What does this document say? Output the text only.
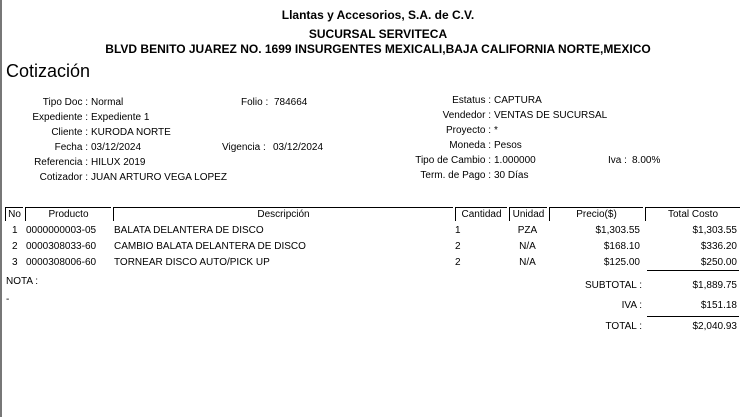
Llantas y Accesorios, S.A. de C.V.
SUCURSAL SERVITECA
BLVD BENITO JUAREZ NO. 1699 INSURGENTES MEXICALI,BAJA CALIFORNIA NORTE,MEXICO
Cotización
Tipo Doc : Normal
Expediente : Expediente 1
Cliente : KURODA NORTE
Fecha : 03/12/2024
Referencia : HILUX 2019
Cotizador : JUAN ARTURO VEGA LOPEZ
Folio : 784664
Vigencia : 03/12/2024
Estatus : CAPTURA
Vendedor : VENTAS DE SUCURSAL
Proyecto : *
Moneda : Pesos
Tipo de Cambio : 1.000000
Term. de Pago : 30 Días
Iva : 8.00%
No	Producto	Descripción	Cantidad	Unidad	Precio($)	Total Costo
1 0000000003-05 BALATA DELANTERA DE DISCO	1	PZA	$1,303.55	$1,303.55
2 0000308033-60 CAMBIO BALATA DELANTERA DE DISCO	2	N/A	$168.10	$336.20
3 0000308006-60 TORNEAR DISCO AUTO/PICK UP	2	N/A	$125.00	$250.00
NOTA :
-
SUBTOTAL :	$1,889.75
IVA :	$151.18
TOTAL :	$2,040.93
